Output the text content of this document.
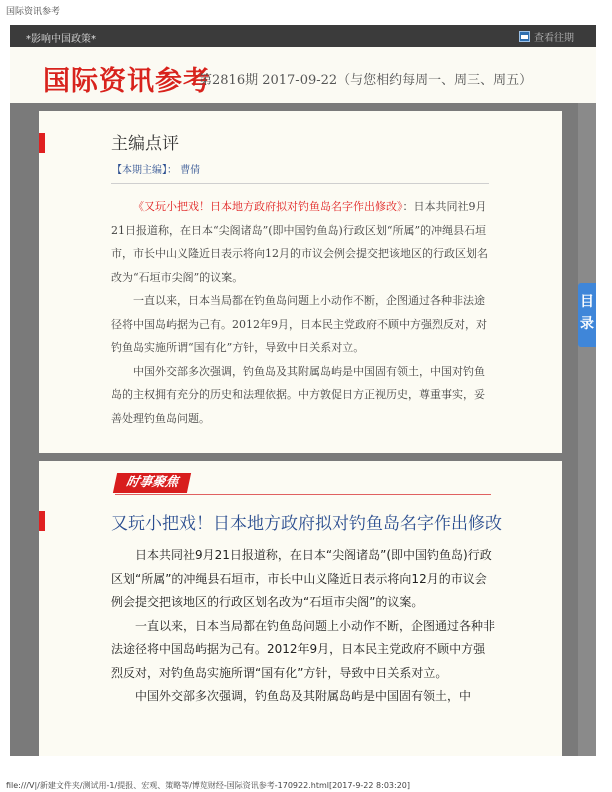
国际资讯参考
*影响中国政策*	查看往期
国际资讯参考
第2816期 2017-09-22（与您相约每周一、周三、周五）
主编点评
【本期主编】： 曹倩

《又玩小把戏！日本地方政府拟对钓鱼岛名字作出修改》：日本共同社9月21日报道称，在日本“尖阁诸岛”(即中国钓鱼岛)行政区划“所属”的冲绳县石垣市，市长中山义隆近日表示将向12月的市议会例会提交把该地区的行政区划名改为“石垣市尖阁”的议案。

一直以来，日本当局都在钓鱼岛问题上小动作不断，企图通过各种非法途径将中国岛屿据为己有。2012年9月，日本民主党政府不顾中方强烈反对，对钓鱼岛实施所谓“国有化”方针，导致中日关系对立。

中国外交部多次强调，钓鱼岛及其附属岛屿是中国固有领土，中国对钓鱼岛的主权拥有充分的历史和法理依据。中方敦促日方正视历史，尊重事实，妥善处理钓鱼岛问题。

时事聚焦
又玩小把戏！日本地方政府拟对钓鱼岛名字作出修改

日本共同社9月21日报道称，在日本“尖阁诸岛”(即中国钓鱼岛)行政区划“所属”的冲绳县石垣市，市长中山义隆近日表示将向12月的市议会例会提交把该地区的行政区划名改为“石垣市尖阁”的议案。

一直以来，日本当局都在钓鱼岛问题上小动作不断，企图通过各种非法途径将中国岛屿据为己有。2012年9月，日本民主党政府不顾中方强烈反对，对钓鱼岛实施所谓“国有化”方针，导致中日关系对立。

中国外交部多次强调，钓鱼岛及其附属岛屿是中国固有领土，中

目
录
file:///V|/新建文件夹/测试用-1/提报、宏观、策略等/博览财经-国际资讯参考-170922.html[2017-9-22 8:03:20]
